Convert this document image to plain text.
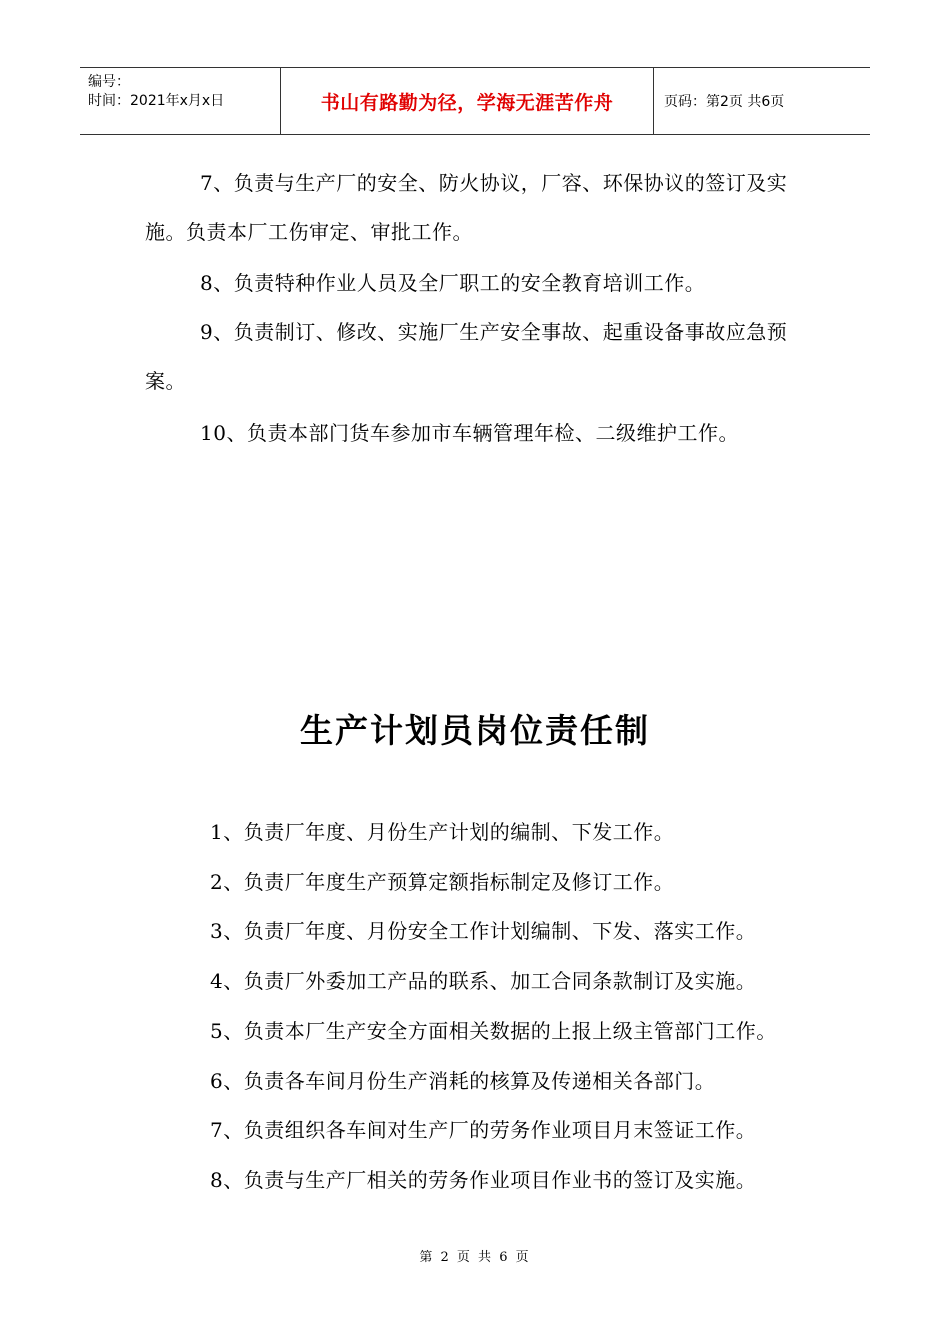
编号：
时间：2021年x月x日	书山有路勤为径，学海无涯苦作舟	页码：第2页 共6页

7、负责与生产厂的安全、防火协议，厂容、环保协议的签订及实施。负责本厂工伤审定、审批工作。

8、负责特种作业人员及全厂职工的安全教育培训工作。

9、负责制订、修改、实施厂生产安全事故、起重设备事故应急预案。

10、负责本部门货车参加市车辆管理年检、二级维护工作。

生产计划员岗位责任制
1、负责厂年度、月份生产计划的编制、下发工作。
2、负责厂年度生产预算定额指标制定及修订工作。
3、负责厂年度、月份安全工作计划编制、下发、落实工作。
4、负责厂外委加工产品的联系、加工合同条款制订及实施。
5、负责本厂生产安全方面相关数据的上报上级主管部门工作。
6、负责各车间月份生产消耗的核算及传递相关各部门。
7、负责组织各车间对生产厂的劳务作业项目月末签证工作。
8、负责与生产厂相关的劳务作业项目作业书的签订及实施。
第 2 页 共 6 页
